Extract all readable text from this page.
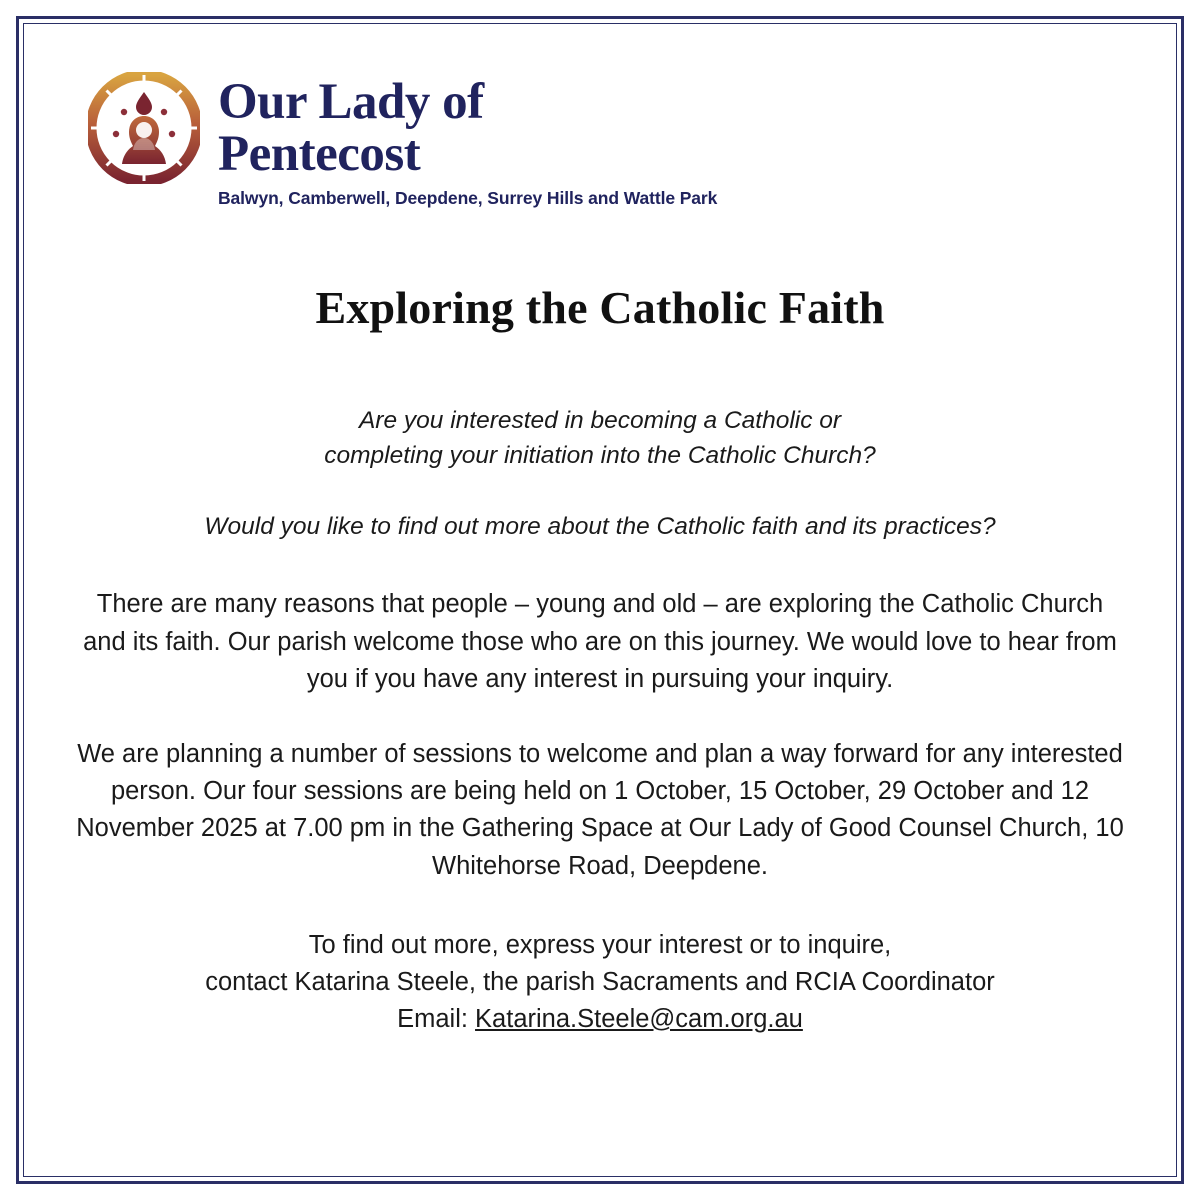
Our Lady of
Pentecost
Balwyn, Camberwell, Deepdene, Surrey Hills and Wattle Park
Exploring the Catholic Faith
Are you interested in becoming a Catholic or
completing your initiation into the Catholic Church?
Would you like to find out more about the Catholic faith and its practices?
There are many reasons that people – young and old – are exploring the Catholic Church and its faith. Our parish welcome those who are on this journey. We would love to hear from you if you have any interest in pursuing your inquiry.
We are planning a number of sessions to welcome and plan a way forward for any interested person. Our four sessions are being held on 1 October, 15 October, 29 October and 12 November 2025 at 7.00 pm in the Gathering Space at Our Lady of Good Counsel Church, 10 Whitehorse Road, Deepdene.
To find out more, express your interest or to inquire,
contact Katarina Steele, the parish Sacraments and RCIA Coordinator
Email: Katarina.Steele@cam.org.au
